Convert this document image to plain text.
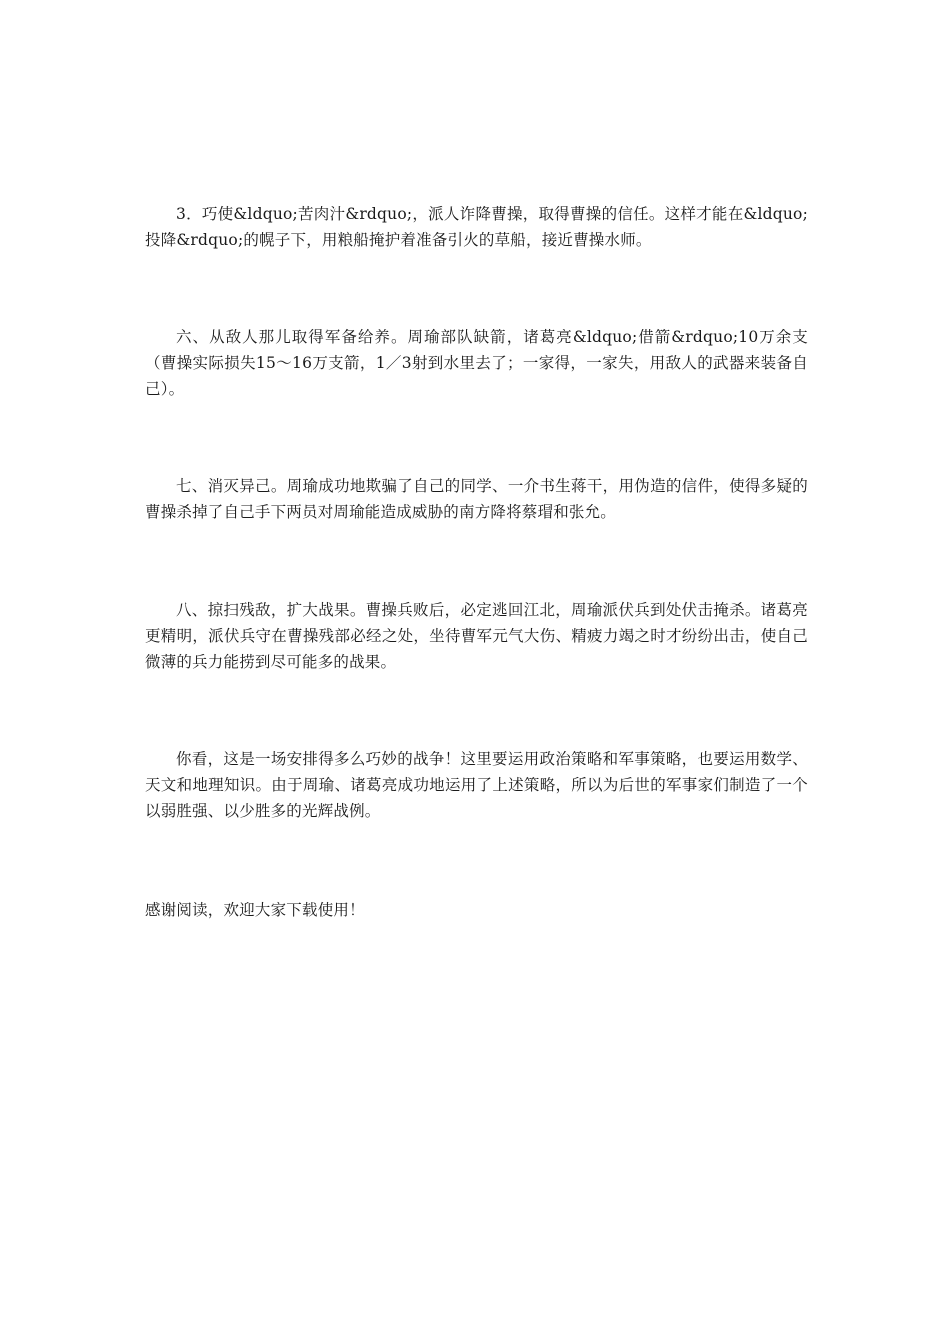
3．巧使&ldquo;苦肉汁&rdquo;，派人诈降曹操，取得曹操的信任。这样才能在&ldquo;投降&rdquo;的幌子下，用粮船掩护着准备引火的草船，接近曹操水师。

六、从敌人那儿取得军备给养。周瑜部队缺箭，诸葛亮&ldquo;借箭&rdquo;10万余支（曹操实际损失15～16万支箭，1／3射到水里去了；一家得，一家失，用敌人的武器来装备自己）。

七、消灭异己。周瑜成功地欺骗了自己的同学、一介书生蒋干，用伪造的信件，使得多疑的曹操杀掉了自己手下两员对周瑜能造成威胁的南方降将蔡瑁和张允。

八、掠扫残敌，扩大战果。曹操兵败后，必定逃回江北，周瑜派伏兵到处伏击掩杀。诸葛亮更精明，派伏兵守在曹操残部必经之处，坐待曹军元气大伤、精疲力竭之时才纷纷出击，使自己微薄的兵力能捞到尽可能多的战果。

你看，这是一场安排得多么巧妙的战争！这里要运用政治策略和军事策略，也要运用数学、天文和地理知识。由于周瑜、诸葛亮成功地运用了上述策略，所以为后世的军事家们制造了一个以弱胜强、以少胜多的光辉战例。

感谢阅读，欢迎大家下载使用！
